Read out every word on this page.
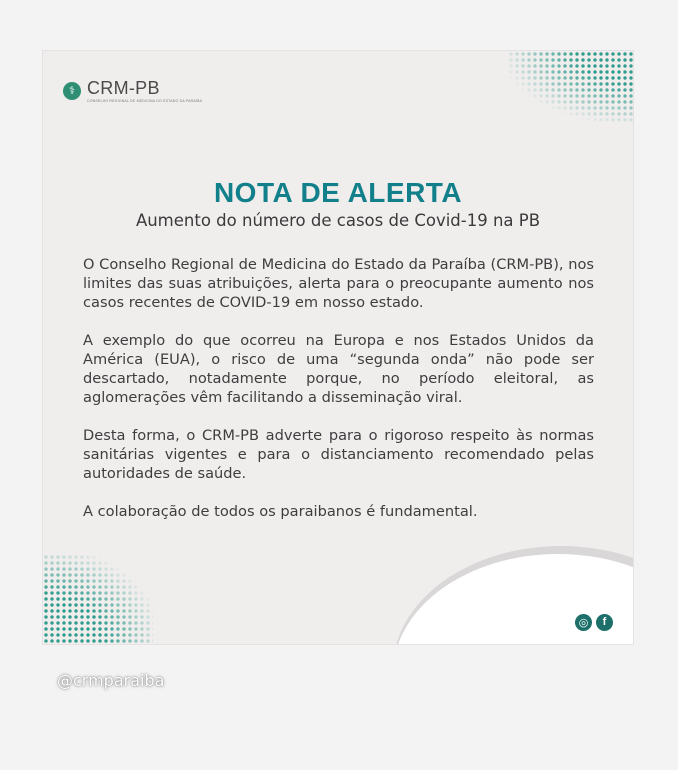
⚕ CRM-PB
CONSELHO REGIONAL DE MEDICINA DO ESTADO DA PARAÍBA
NOTA DE ALERTA
Aumento do número de casos de Covid-19 na PB

O Conselho Regional de Medicina do Estado da Paraíba (CRM-PB), nos limites das suas atribuições, alerta para o preocupante aumento nos casos recentes de COVID-19 em nosso estado.

A exemplo do que ocorreu na Europa e nos Estados Unidos da América (EUA), o risco de uma “segunda onda” não pode ser descartado, notadamente porque, no período eleitoral, as aglomerações vêm facilitando a disseminação viral.

Desta forma, o CRM-PB adverte para o rigoroso respeito às normas sanitárias vigentes e para o distanciamento recomendado pelas autoridades de saúde.

A colaboração de todos os paraibanos é fundamental.

◎	f
@crmparaiba
